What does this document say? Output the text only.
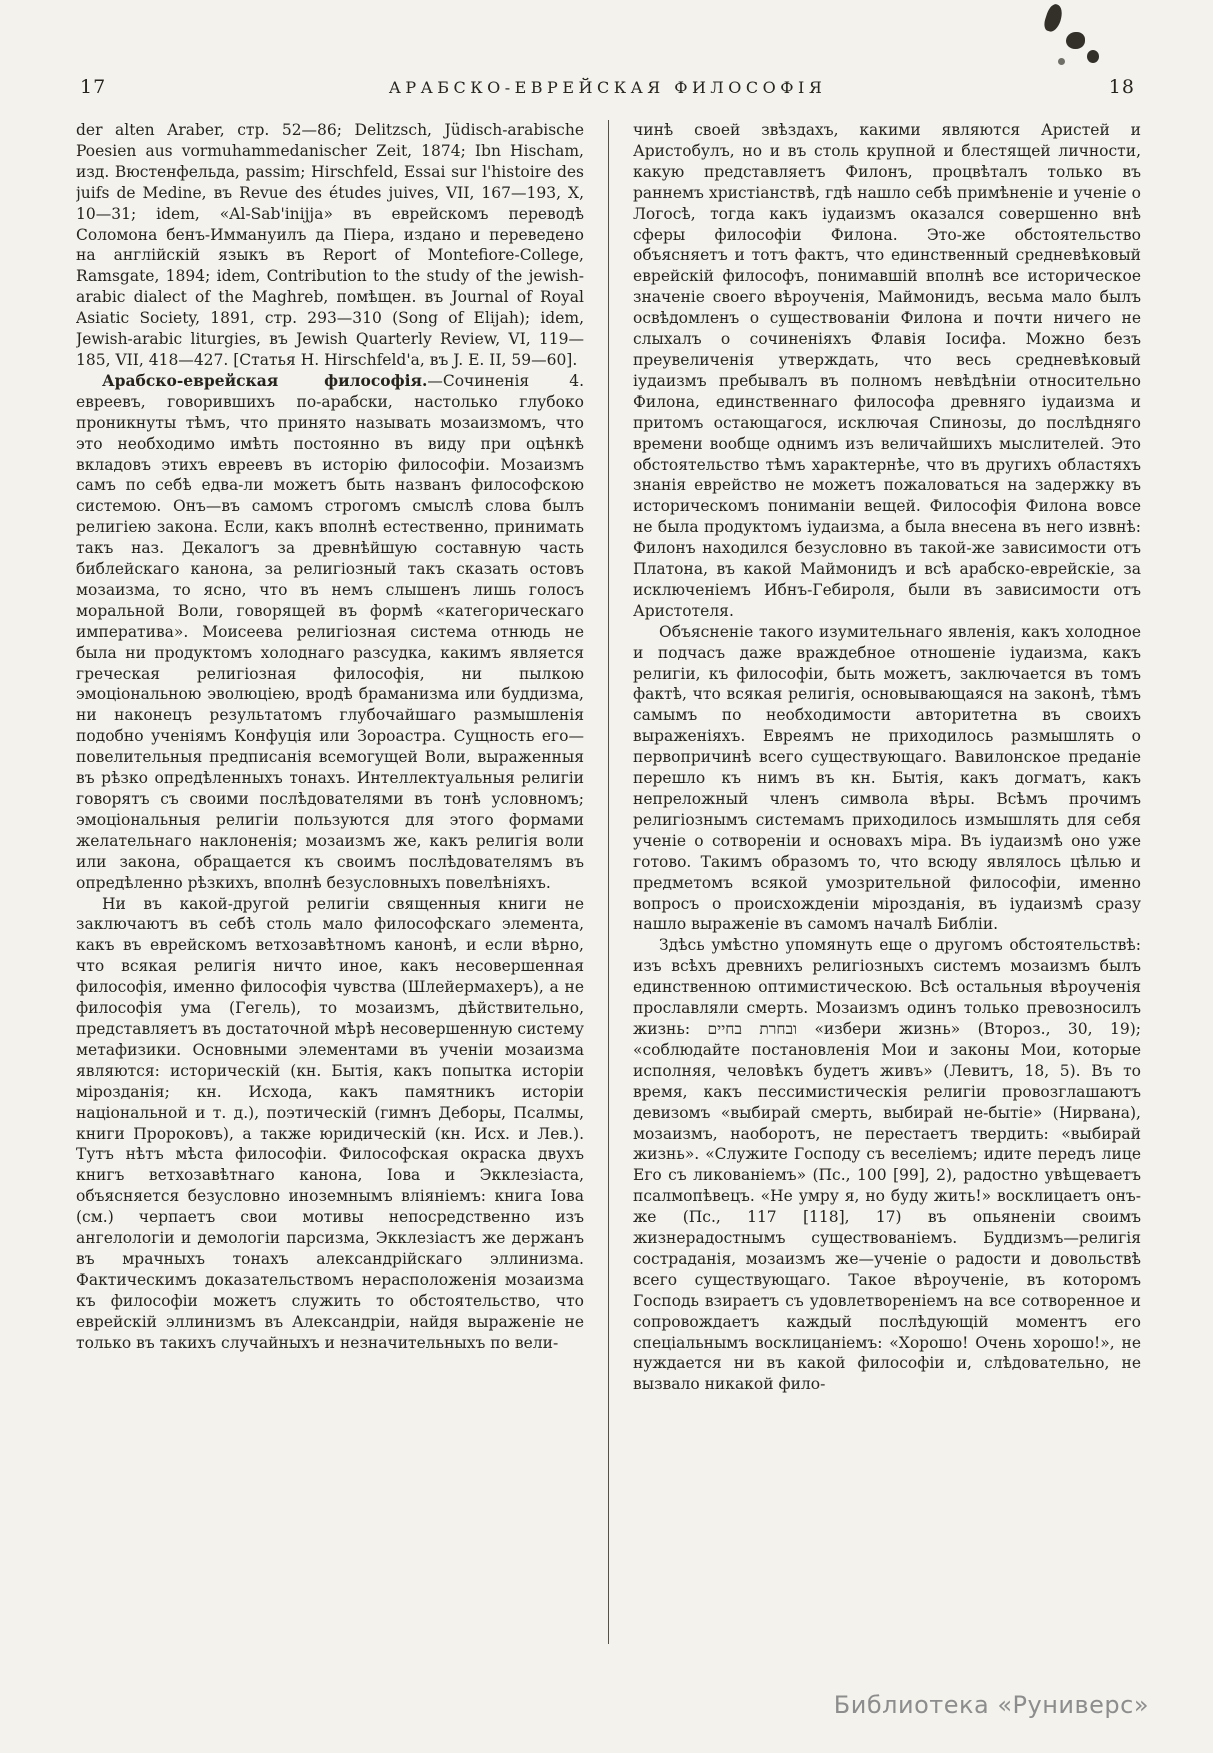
17	АРАБСКО-ЕВРЕЙСКАЯ ФИЛОСОФІЯ	18

der alten Araber, стр. 52—86; Delitzsch, Jüdisch-arabische Poesien aus vormuhammedanischer Zeit, 1874; Ibn Hischam, изд. Вюстенфельда, passim; Hirschfeld, Essai sur l'histoire des juifs de Medine, въ Revue des études juives, VII, 167—193, X, 10—31; idem, «Al-Sab'inijja» въ еврейскомъ переводѣ Соломона бенъ-Иммануилъ да Піера, издано и переведено на англійскій языкъ въ Report of Montefiore-College, Ramsgate, 1894; idem, Contribution to the study of the jewish-arabic dialect of the Maghreb, помѣщен. въ Journal of Royal Asiatic Society, 1891, стр. 293—310 (Song of Elijah); idem, Jewish-arabic liturgies, въ Jewish Quarterly Review, VI, 119—185, VII, 418—427. [Статья H. Hirschfeld'a, въ J. E. II, 59—60].
4.

Арабско-еврейская философія.—Сочиненія евреевъ, говорившихъ по-арабски, настолько глубоко проникнуты тѣмъ, что принято называть мозаизмомъ, что это необходимо имѣть постоянно въ виду при оцѣнкѣ вкладовъ этихъ евреевъ въ исторію философіи. Мозаизмъ самъ по себѣ едва-ли можетъ быть названъ философскою системою. Онъ—въ самомъ строгомъ смыслѣ слова былъ религіею закона. Если, какъ вполнѣ естественно, принимать такъ наз. Декалогъ за древнѣйшую составную часть библейскаго канона, за религіозный такъ сказать остовъ мозаизма, то ясно, что въ немъ слышенъ лишь голосъ моральной Воли, говорящей въ формѣ «категорическаго императива». Моисеева религіозная система отнюдь не была ни продуктомъ холоднаго разсудка, какимъ является греческая религіозная философія, ни пылкою эмоціональною эволюціею, вродѣ браманизма или буддизма, ни наконецъ результатомъ глубочайшаго размышленія подобно ученіямъ Конфуція или Зороастра. Сущность его—повелительныя предписанія всемогущей Воли, выраженныя въ рѣзко опредѣленныхъ тонахъ. Интеллектуальныя религіи говорятъ съ своими послѣдователями въ тонѣ условномъ; эмоціональныя религіи пользуются для этого формами желательнаго наклоненія; мозаизмъ же, какъ религія воли или закона, обращается къ своимъ послѣдователямъ въ опредѣленно рѣзкихъ, вполнѣ безусловныхъ повелѣніяхъ.

Ни въ какой-другой религіи священныя книги не заключаютъ въ себѣ столь мало философскаго элемента, какъ въ еврейскомъ ветхозавѣтномъ канонѣ, и если вѣрно, что всякая религія ничто иное, какъ несовершенная философія, именно философія чувства (Шлейермахеръ), а не философія ума (Гегель), то мозаизмъ, дѣйствительно, представляетъ въ достаточной мѣрѣ несовершенную систему метафизики. Основными элементами въ ученіи мозаизма являются: историческій (кн. Бытія, какъ попытка исторіи мірозданія; кн. Исхода, какъ памятникъ исторіи національной и т. д.), поэтическій (гимнъ Деборы, Псалмы, книги Пророковъ), а также юридическій (кн. Исх. и Лев.). Тутъ нѣтъ мѣста философіи. Философская окраска двухъ книгъ ветхозавѣтнаго канона, Іова и Экклезіаста, объясняется безусловно иноземнымъ вліяніемъ: книга Іова (см.) черпаетъ свои мотивы непосредственно изъ ангелологіи и демологіи парсизма, Экклезіастъ же держанъ въ мрачныхъ тонахъ александрійскаго эллинизма. Фактическимъ доказательствомъ нерасположенія мозаизма къ философіи можетъ служить то обстоятельство, что еврейскій эллинизмъ въ Александріи, найдя выраженіе не только въ такихъ случайныхъ и незначительныхъ по вели-

чинѣ своей звѣздахъ, какими являются Аристей и Аристобулъ, но и въ столь крупной и блестящей личности, какую представляетъ Филонъ, процвѣталъ только въ раннемъ христіанствѣ, гдѣ нашло себѣ примѣненіе и ученіе о Логосѣ, тогда какъ іудаизмъ оказался совершенно внѣ сферы философіи Филона. Это-же обстоятельство объясняетъ и тотъ фактъ, что единственный средневѣковый еврейскій философъ, понимавшій вполнѣ все историческое значеніе своего вѣроученія, Маймонидъ, весьма мало былъ освѣдомленъ о существованіи Филона и почти ничего не слыхалъ о сочиненіяхъ Флавія Іосифа. Можно безъ преувеличенія утверждать, что весь средневѣковый іудаизмъ пребывалъ въ полномъ невѣдѣніи относительно Филона, единственнаго философа древняго іудаизма и притомъ остающагося, исключая Спинозы, до послѣдняго времени вообще однимъ изъ величайшихъ мыслителей. Это обстоятельство тѣмъ характернѣе, что въ другихъ областяхъ знанія еврейство не можетъ пожаловаться на задержку въ историческомъ пониманіи вещей. Философія Филона вовсе не была продуктомъ іудаизма, а была внесена въ него извнѣ: Филонъ находился безусловно въ такой-же зависимости отъ Платона, въ какой Маймонидъ и всѣ арабско-еврейскіе, за исключеніемъ Ибнъ-Гебироля, были въ зависимости отъ Аристотеля.

Объясненіе такого изумительнаго явленія, какъ холодное и подчасъ даже враждебное отношеніе іудаизма, какъ религіи, къ философіи, быть можетъ, заключается въ томъ фактѣ, что всякая религія, основывающаяся на законѣ, тѣмъ самымъ по необходимости авторитетна въ своихъ выраженіяхъ. Евреямъ не приходилось размышлять о первопричинѣ всего существующаго. Вавилонское преданіе перешло къ нимъ въ кн. Бытія, какъ догматъ, какъ непреложный членъ символа вѣры. Всѣмъ прочимъ религіознымъ системамъ приходилось измышлять для себя ученіе о сотвореніи и основахъ міра. Въ іудаизмѣ оно уже готово. Такимъ образомъ то, что всюду являлось цѣлью и предметомъ всякой умозрительной философіи, именно вопросъ о происхожденіи мірозданія, въ іудаизмѣ сразу нашло выраженіе въ самомъ началѣ Библіи.

Здѣсь умѣстно упомянуть еще о другомъ обстоятельствѣ: изъ всѣхъ древнихъ религіозныхъ системъ мозаизмъ былъ единственною оптимистическою. Всѣ остальныя вѣроученія прославляли смерть. Мозаизмъ одинъ только превозносилъ жизнь: ובחרת בחיים «избери жизнь» (Второз., 30, 19); «соблюдайте постановленія Мои и законы Мои, которые исполняя, человѣкъ будетъ живъ» (Левитъ, 18, 5). Въ то время, какъ пессимистическія религіи провозглашаютъ девизомъ «выбирай смерть, выбирай не-бытіе» (Нирвана), мозаизмъ, наоборотъ, не перестаетъ твердить: «выбирай жизнь». «Служите Господу съ веселіемъ; идите передъ лице Его съ ликованіемъ» (Пс., 100 [99], 2), радостно увѣщеваетъ псалмопѣвецъ. «Не умру я, но буду жить!» восклицаетъ онъ-же (Пс., 117 [118], 17) въ опьяненіи своимъ жизнерадостнымъ существованіемъ. Буддизмъ—религія состраданія, мозаизмъ же—ученіе о радости и довольствѣ всего существующаго. Такое вѣроученіе, въ которомъ Господь взираетъ съ удовлетвореніемъ на все сотворенное и сопровождаетъ каждый послѣдующій моментъ его спеціальнымъ восклицаніемъ: «Хорошо! Очень хорошо!», не нуждается ни въ какой философіи и, слѣдовательно, не вызвало никакой фило-

Библиотека «Руниверс»
